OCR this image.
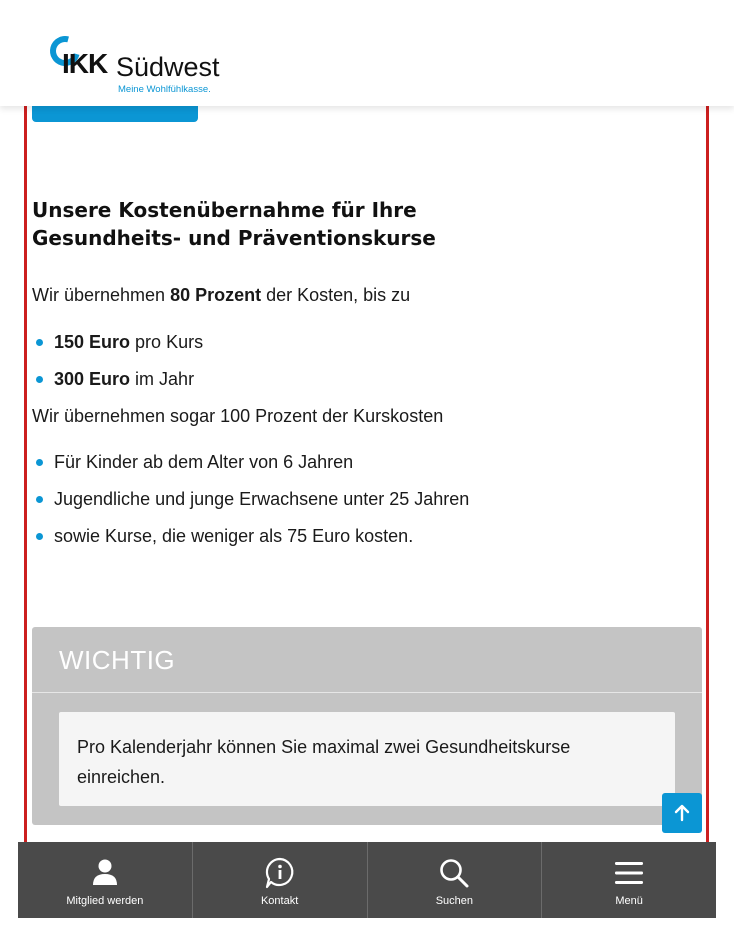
IKK Südwest
Meine Wohlfühlkasse.
Unsere Kostenübernahme für Ihre Gesundheits- und Präventionskurse

Wir übernehmen 80 Prozent der Kosten, bis zu

150 Euro pro Kurs
300 Euro im Jahr

Wir übernehmen sogar 100 Prozent der Kurskosten

Für Kinder ab dem Alter von 6 Jahren
Jugendliche und junge Erwachsene unter 25 Jahren
sowie Kurse, die weniger als 75 Euro kosten.
WICHTIG
Pro Kalenderjahr können Sie maximal zwei Gesundheitskurse einreichen.
Mitglied werden	Kontakt	Suchen	Menü
